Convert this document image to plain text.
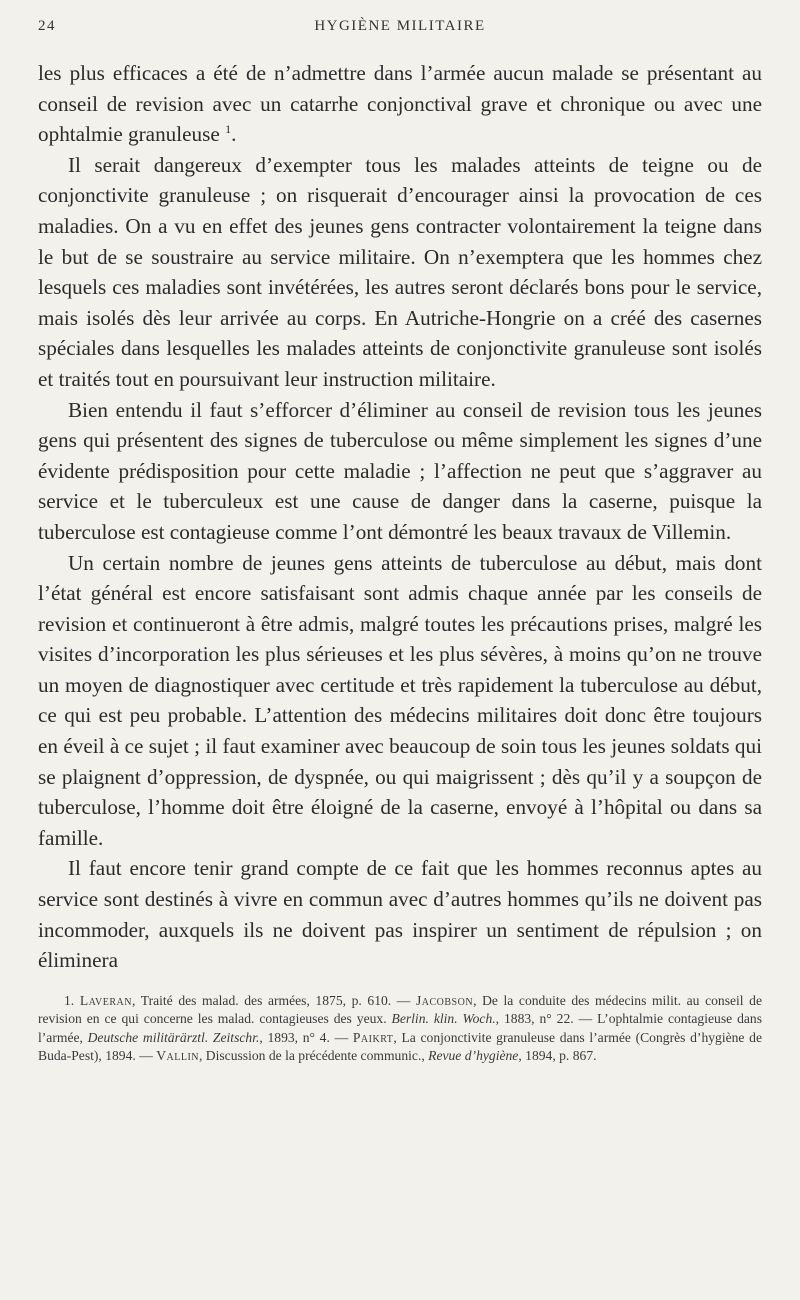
24	HYGIÈNE MILITAIRE

les plus efficaces a été de n’admettre dans l’armée aucun malade se présentant au conseil de revision avec un catarrhe conjonctival grave et chronique ou avec une ophtalmie granuleuse $^1$.

Il serait dangereux d’exempter tous les malades atteints de teigne ou de conjonctivite granuleuse ; on risquerait d’encourager ainsi la provocation de ces maladies. On a vu en effet des jeunes gens contracter volontairement la teigne dans le but de se soustraire au service militaire. On n’exemptera que les hommes chez lesquels ces maladies sont invétérées, les autres seront déclarés bons pour le service, mais isolés dès leur arrivée au corps. En Autriche-Hongrie on a créé des casernes spéciales dans lesquelles les malades atteints de conjonctivite granuleuse sont isolés et traités tout en poursuivant leur instruction militaire.

Bien entendu il faut s’efforcer d’éliminer au conseil de revision tous les jeunes gens qui présentent des signes de tuberculose ou même simplement les signes d’une évidente prédisposition pour cette maladie ; l’affection ne peut que s’aggraver au service et le tuberculeux est une cause de danger dans la caserne, puisque la tuberculose est contagieuse comme l’ont démontré les beaux travaux de Villemin.

Un certain nombre de jeunes gens atteints de tuberculose au début, mais dont l’état général est encore satisfaisant sont admis chaque année par les conseils de revision et continueront à être admis, malgré toutes les précautions prises, malgré les visites d’incorporation les plus sérieuses et les plus sévères, à moins qu’on ne trouve un moyen de diagnostiquer avec certitude et très rapidement la tuberculose au début, ce qui est peu probable. L’attention des médecins militaires doit donc être toujours en éveil à ce sujet ; il faut examiner avec beaucoup de soin tous les jeunes soldats qui se plaignent d’oppression, de dyspnée, ou qui maigrissent ; dès qu’il y a soupçon de tuberculose, l’homme doit être éloigné de la caserne, envoyé à l’hôpital ou dans sa famille.

Il faut encore tenir grand compte de ce fait que les hommes reconnus aptes au service sont destinés à vivre en commun avec d’autres hommes qu’ils ne doivent pas incommoder, auxquels ils ne doivent pas inspirer un sentiment de répulsion ; on éliminera

1. Laveran, Traité des malad. des armées, 1875, p. 610. — Jacobson, De la conduite des médecins milit. au conseil de revision en ce qui concerne les malad. contagieuses des yeux. Berlin. klin. Woch., 1883, n° 22. — L’ophtalmie contagieuse dans l’armée, Deutsche militärärztl. Zeitschr., 1893, n° 4. — Paikrt, La conjonctivite granuleuse dans l’armée (Congrès d’hygiène de Buda-Pest), 1894. — Vallin, Discussion de la précédente communic., Revue d’hygiène, 1894, p. 867.
